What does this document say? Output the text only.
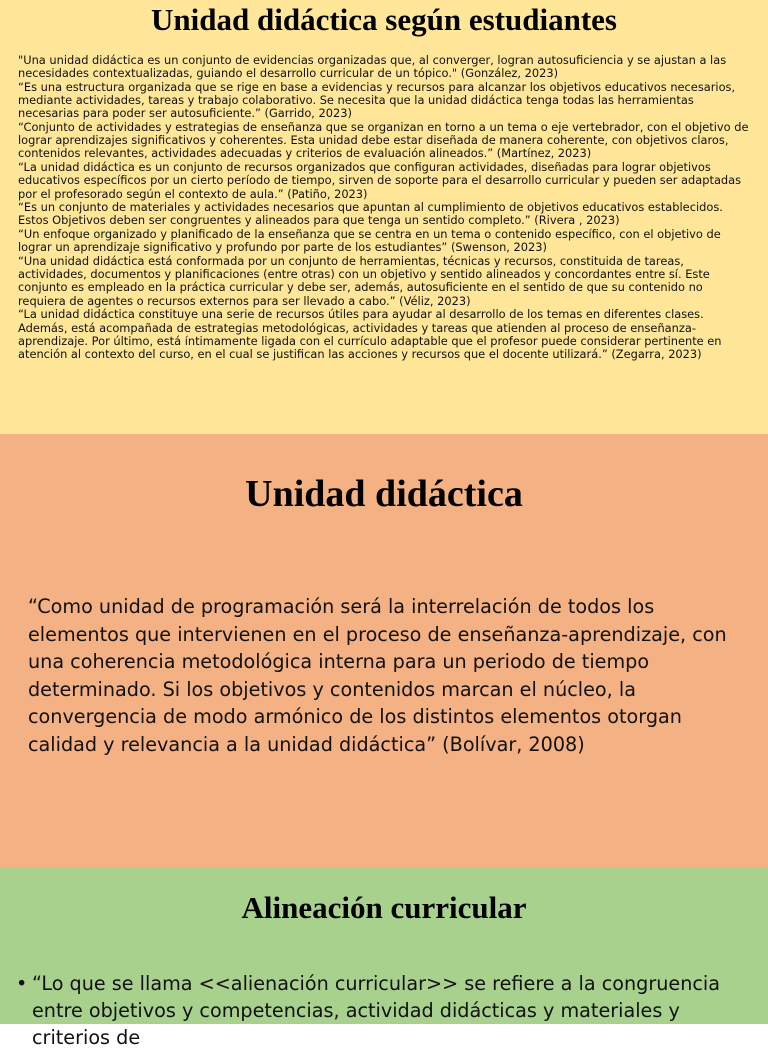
Unidad didáctica según estudiantes

"Una unidad didáctica es un conjunto de evidencias organizadas que, al converger, logran autosuficiencia y se ajustan a las necesidades contextualizadas, guiando el desarrollo curricular de un tópico." (González, 2023)

“Es una estructura organizada que se rige en base a evidencias y recursos para alcanzar los objetivos educativos necesarios, mediante actividades, tareas y trabajo colaborativo. Se necesita que la unidad didáctica tenga todas las herramientas necesarias para poder ser autosuficiente.” (Garrido, 2023)

“Conjunto de actividades y estrategias de enseñanza que se organizan en torno a un tema o eje vertebrador, con el objetivo de lograr aprendizajes significativos y coherentes. Esta unidad debe estar diseñada de manera coherente, con objetivos claros, contenidos relevantes, actividades adecuadas y criterios de evaluación alineados.” (Martínez, 2023)

“La unidad didáctica es un conjunto de recursos organizados que configuran actividades, diseñadas para lograr objetivos educativos específicos por un cierto período de tiempo, sirven de soporte para el desarrollo curricular y pueden ser adaptadas por el profesorado según el contexto de aula.” (Patiño, 2023)

“Es un conjunto de materiales y actividades necesarios que apuntan al cumplimiento de objetivos educativos establecidos. Estos Objetivos deben ser congruentes y alineados para que tenga un sentido completo.” (Rivera , 2023)

“Un enfoque organizado y planificado de la enseñanza que se centra en un tema o contenido específico, con el objetivo de lograr un aprendizaje significativo y profundo por parte de los estudiantes” (Swenson, 2023)

“Una unidad didáctica está conformada por un conjunto de herramientas, técnicas y recursos, constituida de tareas, actividades, documentos y planificaciones (entre otras) con un objetivo y sentido alineados y concordantes entre sí. Este conjunto es empleado en la práctica curricular y debe ser, además, autosuficiente en el sentido de que su contenido no requiera de agentes o recursos externos para ser llevado a cabo.” (Véliz, 2023)

“La unidad didáctica constituye una serie de recursos útiles para ayudar al desarrollo de los temas en diferentes clases. Además, está acompañada de estrategias metodológicas, actividades y tareas que atienden al proceso de enseñanza-aprendizaje. Por último, está íntimamente ligada con el currículo adaptable que el profesor puede considerar pertinente en atención al contexto del curso, en el cual se justifican las acciones y recursos que el docente utilizará.” (Zegarra, 2023)

Unidad didáctica

“Como unidad de programación será la interrelación de todos los elementos que intervienen en el proceso de enseñanza-aprendizaje, con una coherencia metodológica interna para un periodo de tiempo determinado. Si los objetivos y contenidos marcan el núcleo, la convergencia de modo armónico de los distintos elementos otorgan calidad y relevancia a la unidad didáctica” (Bolívar, 2008)

Alineación curricular
• “Lo que se llama <<alienación curricular>> se refiere a la congruencia entre objetivos y competencias, actividad didácticas y materiales y criterios de
